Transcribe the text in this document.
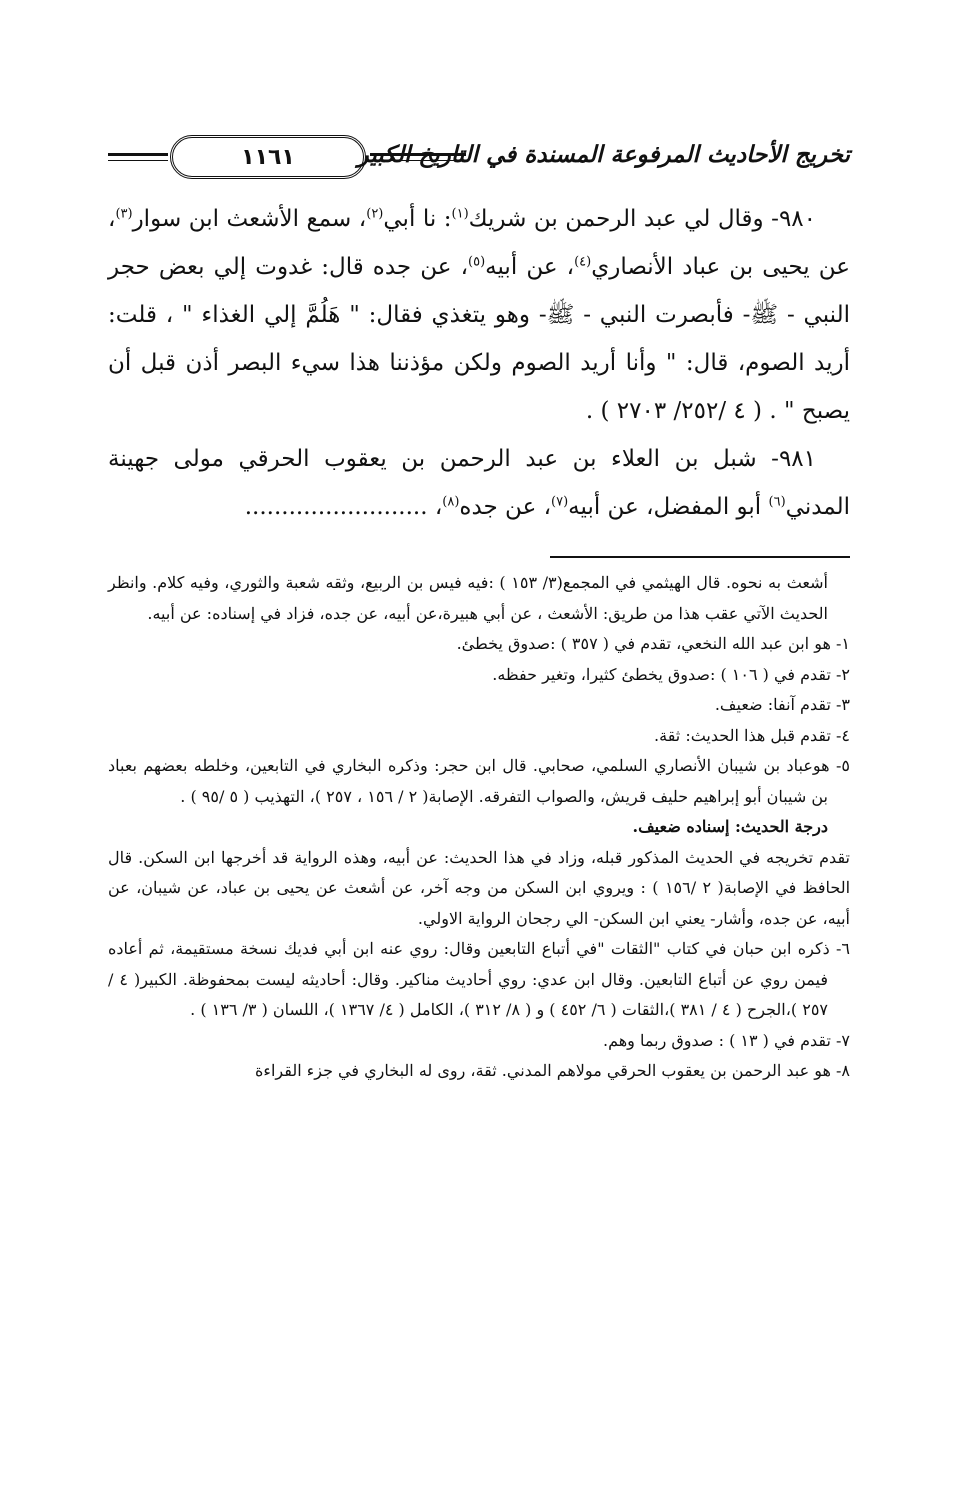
تخريج الأحاديث المرفوعة المسندة في التاريخ الكبير
١١٦١

٩٨٠- وقال لي عبد الرحمن بن شريك$^{(١)}$: نا أبي$^{(٢)}$، سمع الأشعث ابن سوار$^{(٣)}$، عن يحيى بن عباد الأنصاري$^{(٤)}$، عن أبيه$^{(٥)}$، عن جده قال: غدوت إلي بعض حجر النبي - ﷺ- فأبصرت النبي - ﷺ- وهو يتغذي فقال: " هَلُمَّ إلي الغذاء " ، قلت: أريد الصوم، قال: " وأنا أريد الصوم ولكن مؤذننا هذا سيء البصر أذن قبل أن يصبح " . ( ٤ /٢٥٢/ ٢٧٠٣ ) .

٩٨١- شبل بن العلاء بن عبد الرحمن بن يعقوب الحرقي مولى جهينة المدني$^{(٦)}$ أبو المفضل، عن أبيه$^{(٧)}$، عن جده$^{(٨)}$، .........................

أشعث به نحوه. قال الهيثمي في المجمع(٣/ ١٥٣ ) :فيه فيس بن الربيع، وثقه شعبة والثوري، وفيه كلام. وانظر الحديث الآتي عقب هذا من طريق: الأشعث ، عن أبي هبيرة،عن أبيه، عن جده، فزاد في إسناده: عن أبيه.

١- هو ابن عبد الله النخعي، تقدم في ( ٣٥٧ ) :صدوق يخطئ.

٢- تقدم في ( ١٠٦ ) :صدوق يخطئ كثيرا، وتغير حفظه.

٣- تقدم آنفا: ضعيف.

٤- تقدم قبل هذا الحديث: ثقة.

٥- هوعباد بن شيبان الأنصاري السلمي، صحابي. قال ابن حجر: وذكره البخاري في التابعين، وخلطه بعضهم بعباد بن شيبان أبو إبراهيم حليف قريش، والصواب التفرقه. الإصابة( ٢ / ١٥٦ ، ٢٥٧ )، التهذيب ( ٥ /٩٥ ) .

درجة الحديث: إسناده ضعيف.

تقدم تخريجه في الحديث المذكور قبله، وزاد في هذا الحديث: عن أبيه، وهذه الرواية قد أخرجها ابن السكن. قال الحافظ في الإصابة( ٢ /١٥٦ ) : ويروي ابن السكن من وجه آخر، عن أشعث عن يحيى بن عباد، عن شيبان، عن أبيه، عن جده، وأشار- يعني ابن السكن- الي رجحان الرواية الاولي.

٦- ذكره ابن حبان في كتاب "الثقات "في أتباع التابعين وقال: روي عنه ابن أبي فديك نسخة مستقيمة، ثم أعاده فيمن روي عن أتباع التابعين. وقال ابن عدي: روي أحاديث مناكير. وقال: أحاديثه ليست بمحفوظة. الكبير( ٤ /٢٥٧ )،الجرح ( ٤ / ٣٨١ )،الثقات ( ٦/ ٤٥٢ ) و ( ٨/ ٣١٢ )، الكامل ( ٤/ ١٣٦٧ )، اللسان ( ٣/ ١٣٦ ) .

٧- تقدم في ( ١٣ ) : صدوق ربما وهم.

٨- هو عبد الرحمن بن يعقوب الحرقي مولاهم المدني. ثقة، روى له البخاري في جزء القراءة
